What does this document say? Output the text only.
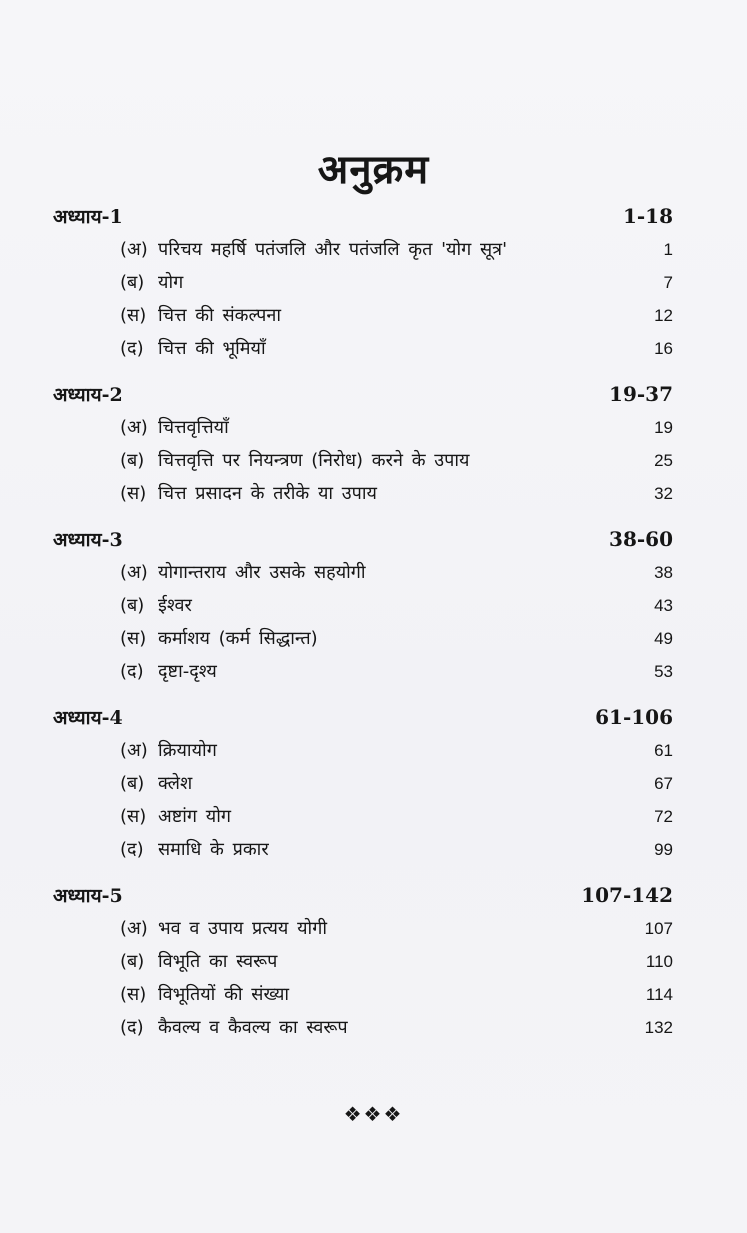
अनुक्रम
अध्याय-1	1-18
(अ) परिचय महर्षि पतंजलि और पतंजलि कृत 'योग सूत्र'	1
(ब) योग	7
(स) चित्त की संकल्पना	12
(द) चित्त की भूमियाँ	16
अध्याय-2	19-37
(अ) चित्तवृत्तियाँ	19
(ब) चित्तवृत्ति पर नियन्त्रण (निरोध) करने के उपाय	25
(स) चित्त प्रसादन के तरीके या उपाय	32
अध्याय-3	38-60
(अ) योगान्तराय और उसके सहयोगी	38
(ब) ईश्वर	43
(स) कर्माशय (कर्म सिद्धान्त)	49
(द) दृष्टा-दृश्य	53
अध्याय-4	61-106
(अ) क्रियायोग	61
(ब) क्लेश	67
(स) अष्टांग योग	72
(द) समाधि के प्रकार	99
अध्याय-5	107-142
(अ) भव व उपाय प्रत्यय योगी	107
(ब) विभूति का स्वरूप	110
(स) विभूतियों की संख्या	114
(द) कैवल्य व कैवल्य का स्वरूप	132
❖❖❖
